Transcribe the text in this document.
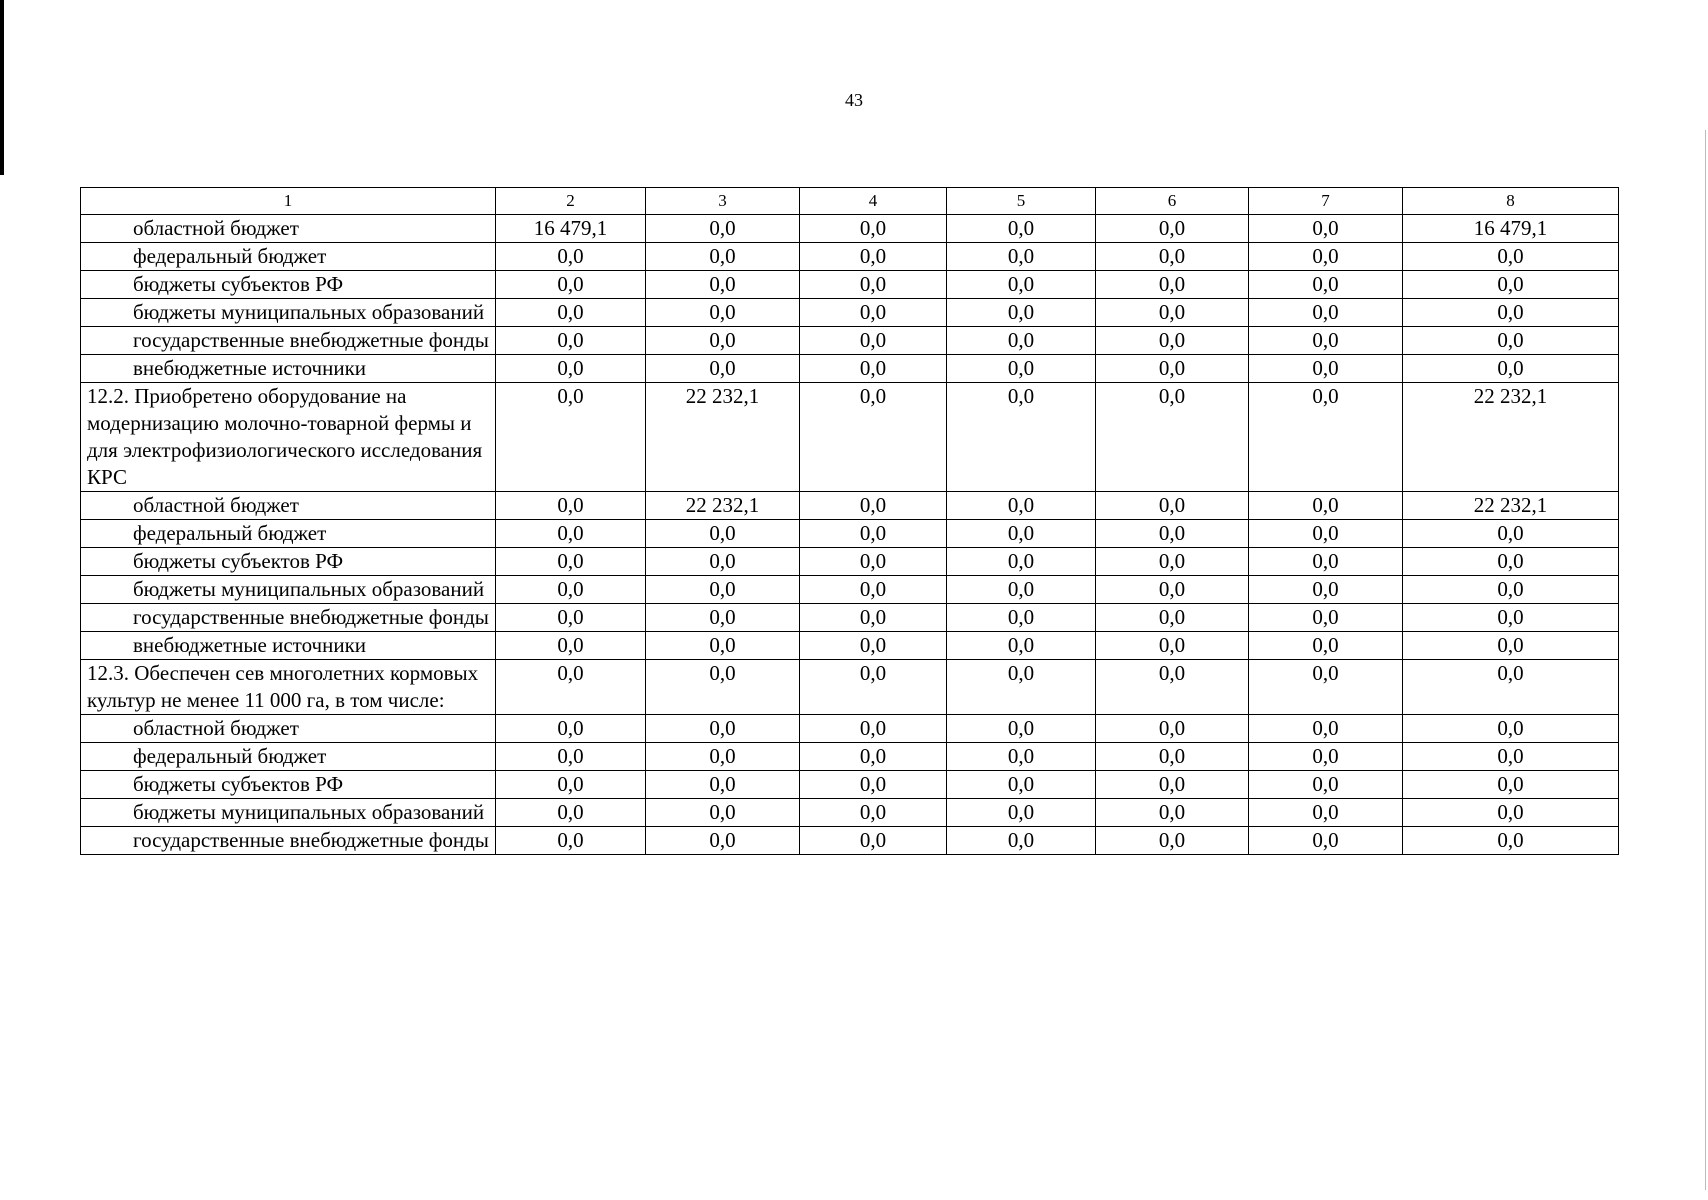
43
1	2	3	4	5	6	7	8
областной бюджет	16 479,1	0,0	0,0	0,0	0,0	0,0	16 479,1
федеральный бюджет	0,0	0,0	0,0	0,0	0,0	0,0	0,0
бюджеты субъектов РФ	0,0	0,0	0,0	0,0	0,0	0,0	0,0
бюджеты муниципальных образований	0,0	0,0	0,0	0,0	0,0	0,0	0,0
государственные внебюджетные фонды	0,0	0,0	0,0	0,0	0,0	0,0	0,0
внебюджетные источники	0,0	0,0	0,0	0,0	0,0	0,0	0,0
12.2. Приобретено оборудование на модернизацию молочно-товарной фермы и для электрофизиологического исследования КРС	0,0	22 232,1	0,0	0,0	0,0	0,0	22 232,1
областной бюджет	0,0	22 232,1	0,0	0,0	0,0	0,0	22 232,1
федеральный бюджет	0,0	0,0	0,0	0,0	0,0	0,0	0,0
бюджеты субъектов РФ	0,0	0,0	0,0	0,0	0,0	0,0	0,0
бюджеты муниципальных образований	0,0	0,0	0,0	0,0	0,0	0,0	0,0
государственные внебюджетные фонды	0,0	0,0	0,0	0,0	0,0	0,0	0,0
внебюджетные источники	0,0	0,0	0,0	0,0	0,0	0,0	0,0
12.3. Обеспечен сев многолетних кормовых культур не менее 11 000 га, в том числе:	0,0	0,0	0,0	0,0	0,0	0,0	0,0
областной бюджет	0,0	0,0	0,0	0,0	0,0	0,0	0,0
федеральный бюджет	0,0	0,0	0,0	0,0	0,0	0,0	0,0
бюджеты субъектов РФ	0,0	0,0	0,0	0,0	0,0	0,0	0,0
бюджеты муниципальных образований	0,0	0,0	0,0	0,0	0,0	0,0	0,0
государственные внебюджетные фонды	0,0	0,0	0,0	0,0	0,0	0,0	0,0
